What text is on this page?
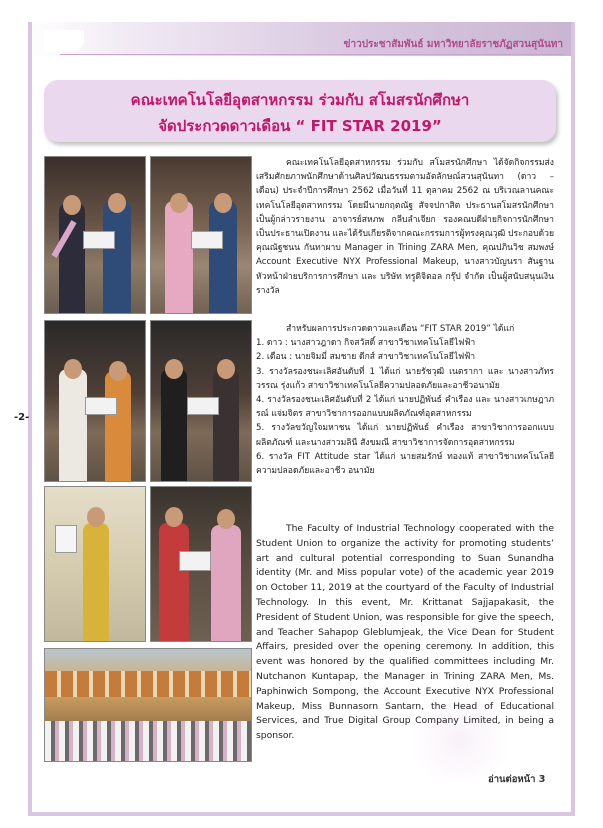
ข่าวประชาสัมพันธ์ มหาวิทยาลัยราชภัฏสวนสุนันทา
คณะเทคโนโลยีอุตสาหกรรม ร่วมกับ สโมสรนักศึกษา
จัดประกวดดาวเดือน “ FIT STAR 2019”
-2-
คณะเทคโนโลยีอุตสาหกรรม ร่วมกับ สโมสรนักศึกษา ได้จัดกิจกรรมส่งเสริมศักยภาพนักศึกษาด้านศิลปวัฒนธรรมตามอัตลักษณ์สวนสุนันทา (ดาว – เดือน) ประจำปีการศึกษา 2562 เมื่อวันที่ 11 ตุลาคม 2562 ณ บริเวณลานคณะเทคโนโลยีอุตสาหกรรม โดยมีนายกฤตณัฐ สัจจปกาสิต ประธานสโมสรนักศึกษา เป็นผู้กล่าวรายงาน อาจารย์สหภพ กลีบลำเจียก รองคณบดีฝ่ายกิจการนักศึกษา เป็นประธานเปิดงาน และได้รับเกียรติจากคณะกรรมการผู้ทรงคุณวุฒิ ประกอบด้วย คุณณัฐชนน กันทาผาบ Manager in Trining ZARA Men, คุณปภินวิช สมพงษ์ Account Executive NYX Professional Makeup, นางสาวบัญนรา สันฐาน หัวหน้าฝ่ายบริการการศึกษา และ บริษัท ทรูดิจิตอล กรุ๊ป จำกัด เป็นผู้สนับสนุนเงินรางวัล
สำหรับผลการประกวดดาวและเดือน “FIT STAR 2019” ได้แก่
1. ดาว : นางสาวฎาดา กิจสวัสดิ์ สาขาวิชาเทคโนโลยีไฟฟ้า
2. เดือน : นายจิมมี่ สมชาย ดีกส์ สาขาวิชาเทคโนโลยีไฟฟ้า
3. รางวัลรองชนะเลิศอันดับที่ 1 ได้แก่ นายรัชวุฒิ เนตรากา และ นางสาวภัทรวรรณ รุ่งแก้ว สาขาวิชาเทคโนโลยีความปลอดภัยและอาชีวอนามัย
4. รางวัลรองชนะเลิศอันดับที่ 2 ได้แก่ นายปฏิพันธ์ คำเรือง และ นางสาวเกษฎาภรณ์ แจ่มจิตร สาขาวิชาการออกแบบผลิตภัณฑ์อุตสาหกรรม
5. รางวัลขวัญใจมหาชน ได้แก่ นายปฏิพันธ์ คำเรือง สาขาวิชาการออกแบบผลิตภัณฑ์ และนางสาวมลินี สังขมณี สาขาวิชาการจัดการอุตสาหกรรม
6. รางวัล FIT Attitude star ได้แก่ นายสมรักษ์ ทองแท้ สาขาวิชาเทคโนโลยีความปลอดภัยและอาชีว อนามัย
The Faculty of Industrial Technology cooperated with the Student Union to organize the activity for promoting students’ art and cultural potential corresponding to Suan Sunandha identity (Mr. and Miss popular vote) of the academic year 2019 on October 11, 2019 at the courtyard of the Faculty of Industrial Technology. In this event, Mr. Krittanat Sajjapakasit, the President of Student Union, was responsible for give the speech, and Teacher Sahapop Gleblumjeak, the Vice Dean for Student Affairs, presided over the opening ceremony. In addition, this event was honored by the qualified committees including Mr. Nutchanon Kuntapap, the Manager in Trining ZARA Men, Ms. Paphinwich Sompong, the Account Executive NYX Professional Makeup, Miss Bunnasorn Santarn, the Head of Educational Services, and True Digital Group Company Limited, in being a sponsor.
อ่านต่อหน้า 3
